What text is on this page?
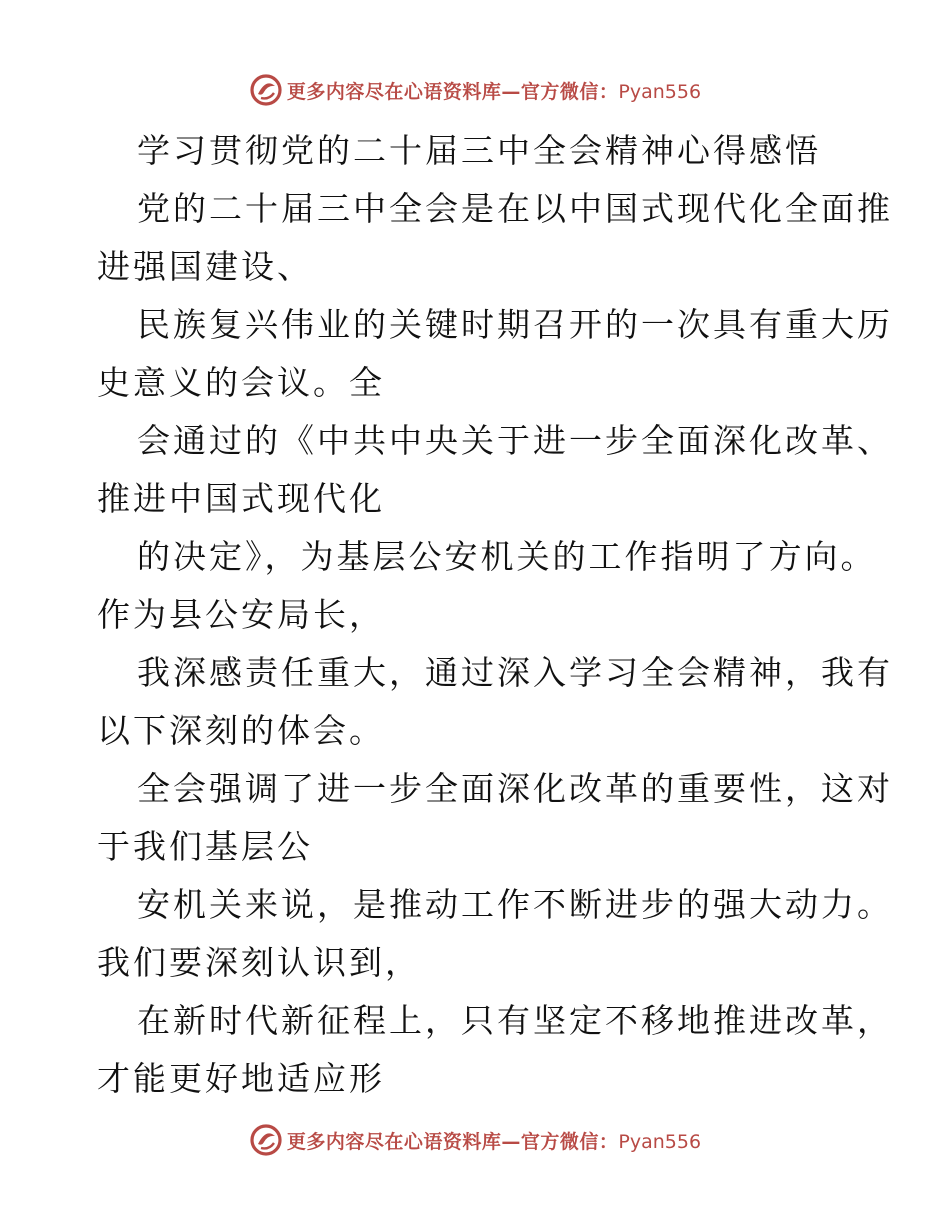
更多内容尽在心语资料库—官方微信：Pyan556
学习贯彻党的二十届三中全会精神心得感悟
党的二十届三中全会是在以中国式现代化全面推
进强国建设、
民族复兴伟业的关键时期召开的一次具有重大历
史意义的会议。全
会通过的《中共中央关于进一步全面深化改革、
推进中国式现代化
的决定》，为基层公安机关的工作指明了方向。
作为县公安局长，
我深感责任重大，通过深入学习全会精神，我有
以下深刻的体会。
全会强调了进一步全面深化改革的重要性，这对
于我们基层公
安机关来说，是推动工作不断进步的强大动力。
我们要深刻认识到，
在新时代新征程上，只有坚定不移地推进改革，
才能更好地适应形
更多内容尽在心语资料库—官方微信：Pyan556
